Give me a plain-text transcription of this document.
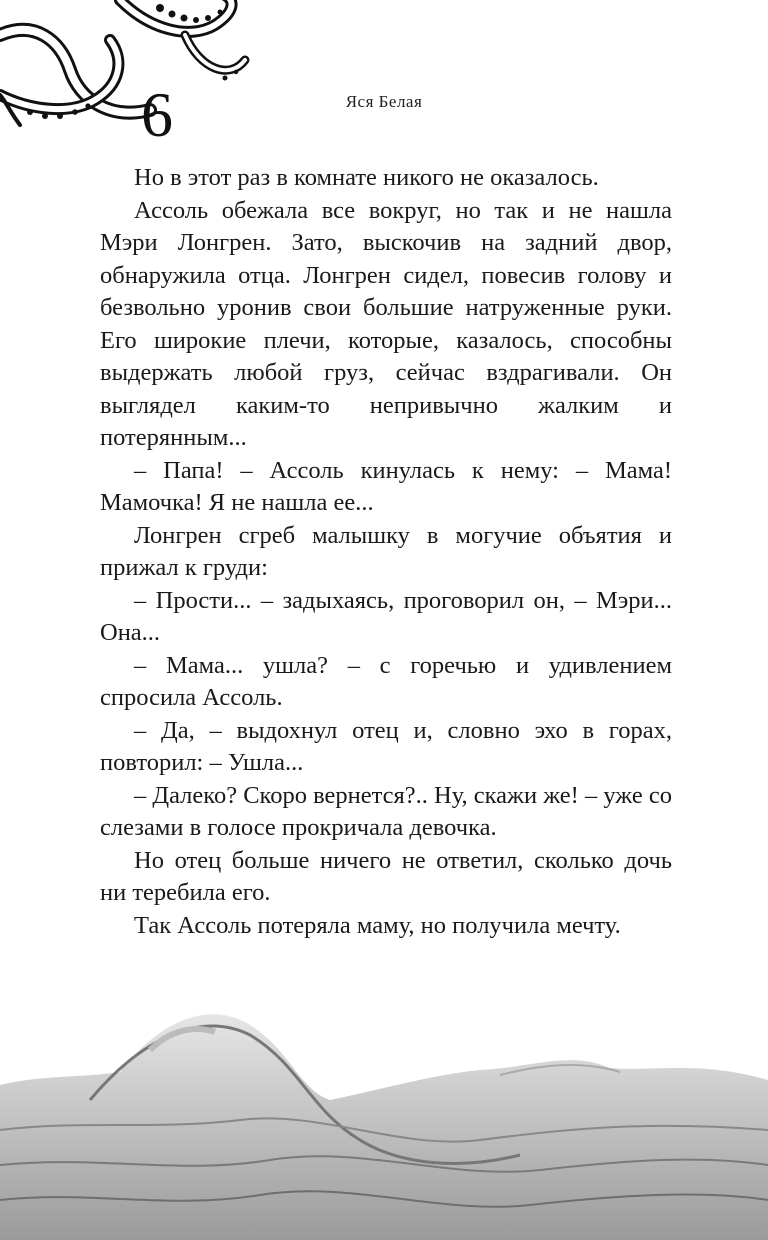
6	Яся Белая

Но в этот раз в комнате никого не оказалось.

Ассоль обежала все вокруг, но так и не нашла Мэри Лонгрен. Зато, выскочив на задний двор, обнаружила отца. Лонгрен сидел, повесив голову и безвольно уронив свои большие натруженные руки. Его широкие плечи, которые, казалось, способны выдержать любой груз, сейчас вздрагивали. Он выглядел каким-то непривычно жалким и потерянным...

– Папа! – Ассоль кинулась к нему: – Мама! Мамочка! Я не нашла ее...

Лонгрен сгреб малышку в могучие объятия и прижал к груди:

– Прости... – задыхаясь, проговорил он, – Мэри... Она...

– Мама... ушла? – с горечью и удивлением спросила Ассоль.

– Да, – выдохнул отец и, словно эхо в горах, повторил: – Ушла...

– Далеко? Скоро вернется?.. Ну, скажи же! – уже со слезами в голосе прокричала девочка.

Но отец больше ничего не ответил, сколько дочь ни теребила его.

Так Ассоль потеряла маму, но получила мечту.
